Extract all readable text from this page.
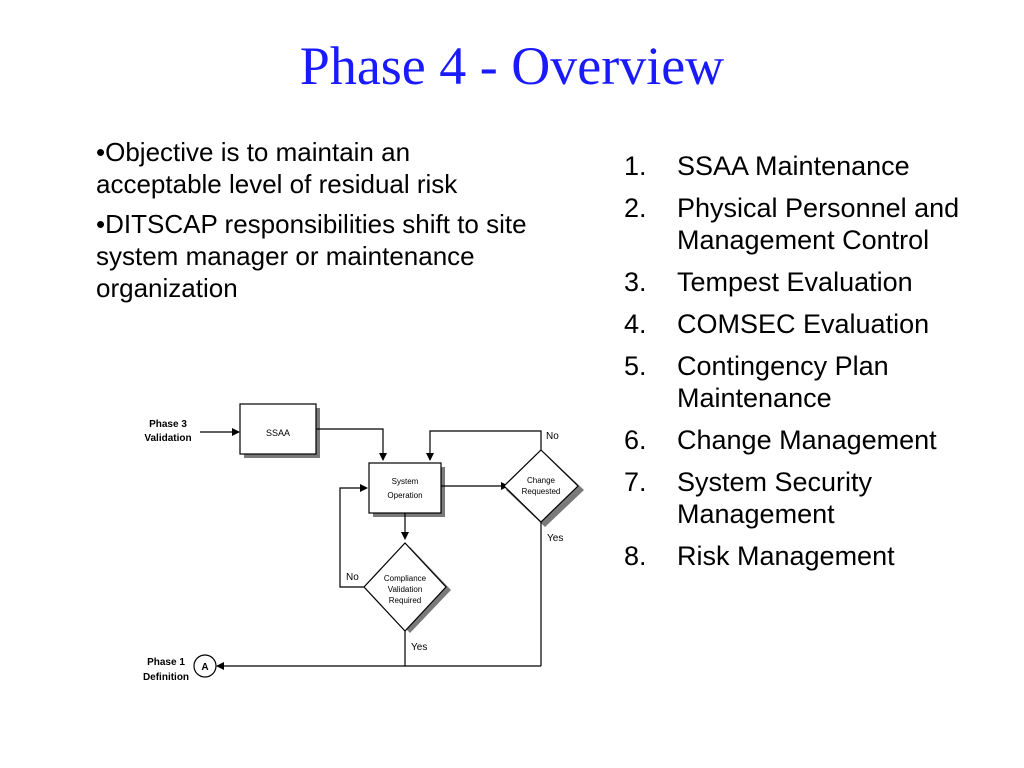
Phase 4 - Overview
•Objective is to maintain an acceptable level of residual risk
•DITSCAP responsibilities shift to site system manager or maintenance organization
1.	SSAA Maintenance
2.	Physical Personnel and Management Control
3.	Tempest Evaluation
4.	COMSEC Evaluation
5.	Contingency Plan Maintenance
6.	Change Management
7.	System Security Management
8.	Risk Management
Phase 3
Validation	SSAA	No
System
Operation
Change
Requested
Yes
Compliance
Validation
Required
No
Yes
A
Phase 1
Definition
